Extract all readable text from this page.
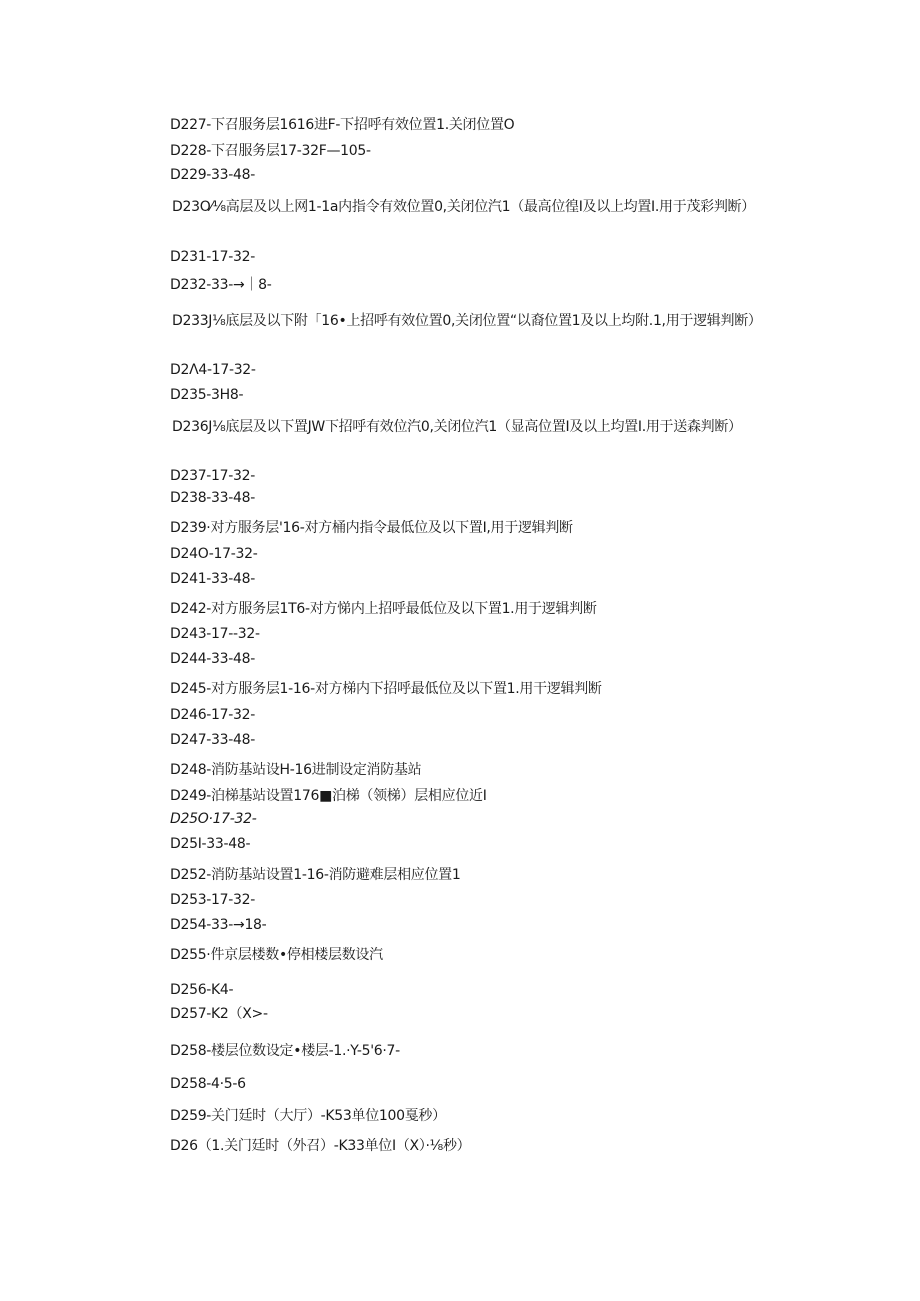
D227-下召服务层1616进F-下招呼有效位置1.关闭位置O
D228-下召服务层17-32F—105-
D229-33-48-
D23O⁄⅛高层及以上网1-1a内指令有效位置0,关闭位汽1（最高位徨I及以上均置I.用于茂彩判断）
D231-17-32-
D232-33-→｜8-
D233J⅛底层及以下附「16•上招呼有效位置0,关闭位置“以裔位置1及以上均附.1,用于逻辑判断）
D2Λ4-17-32-
D235-3H8-
D236J⅛底层及以下置JW下招呼有效位汽0,关闭位汽1（显高位置I及以上均置I.用于送森判断）
D237-17-32-
D238-33-48-
D239·对方服务层'16-对方桶内指令最低位及以下置I,用于逻辑判断
D24O-17-32-
D241-33-48-
D242-对方服务层1T6-对方悌内上招呼最低位及以下置1.用于逻辑判断
D243-17--32-
D244-33-48-
D245-对方服务层1-16-对方梯内下招呼最低位及以下置1.用干逻辑判断
D246-17-32-
D247-33-48-
D248-消防基站设H-16进制设定消防基站
D249-泊梯基站设置176■泊梯（领梯）层相应位近I
D25O·17-32-
D25I-33-48-
D252-消防基站设置1-16-消防避难层相应位置1
D253-17-32-
D254-33-→18-
D255·件京层楼数•停相楼层数设汽
D256-K4-
D257-K2（X>-
D258-楼层位数设定•楼层-1.·Y-5'6·7-
D258-4·5-6
D259-关门廷时（大厅）-K53单位100戛秒）
D26（1.关门廷时（外召）-K33单位I（X）·⅛秒）
